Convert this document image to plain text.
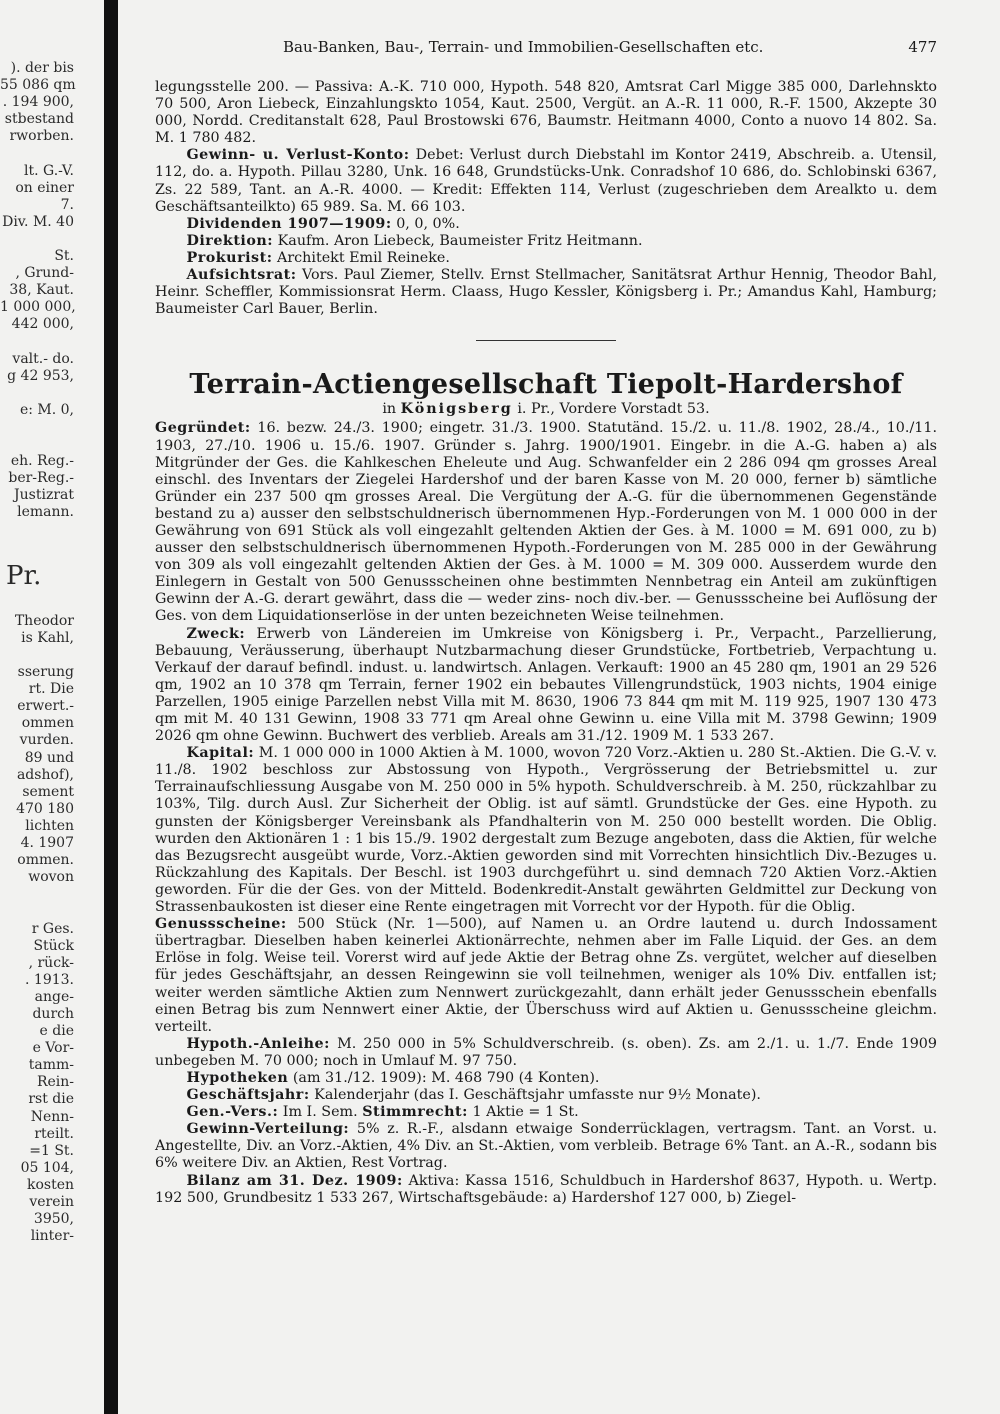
). der bis
55 086 qm
. 194 900,
stbestand
rworben.
lt. G.-V.
on einer
7.
Div. M. 40
St.
, Grund-
38, Kaut.
1 000 000,
442 000,
valt.- do.
g 42 953,
e: M. 0,
eh. Reg.-
ber-Reg.-
Justizrat
lemann.
Pr.
Theodor
is Kahl,
sserung
rt. Die
erwert.-
ommen
vurden.
89 und
adshof),
sement
470 180
lichten
4. 1907
ommen.
wovon
r Ges.
Stück
, rück-
. 1913.
ange-
durch
e die
e Vor-
tamm-
Rein-
rst die
Nenn-
rteilt.
=1 St.
05 104,
kosten
verein
3950,
linter-
Bau-Banken, Bau-, Terrain- und Immobilien-Gesellschaften etc.	477

legungsstelle 200. — Passiva: A.-K. 710 000, Hypoth. 548 820, Amtsrat Carl Migge 385 000, Darlehnskto 70 500, Aron Liebeck, Einzahlungskto 1054, Kaut. 2500, Vergüt. an A.-R. 11 000, R.-F. 1500, Akzepte 30 000, Nordd. Creditanstalt 628, Paul Brostowski 676, Baumstr. Heitmann 4000, Conto a nuovo 14 802. Sa. M. 1 780 482.

Gewinn- u. Verlust-Konto: Debet: Verlust durch Diebstahl im Kontor 2419, Abschreib. a. Utensil, 112, do. a. Hypoth. Pillau 3280, Unk. 16 648, Grundstücks-Unk. Conradshof 10 686, do. Schlobinski 6367, Zs. 22 589, Tant. an A.-R. 4000. — Kredit: Effekten 114, Verlust (zugeschrieben dem Arealkto u. dem Geschäftsanteilkto) 65 989. Sa. M. 66 103.

Dividenden 1907—1909: 0, 0, 0%.

Direktion: Kaufm. Aron Liebeck, Baumeister Fritz Heitmann.

Prokurist: Architekt Emil Reineke.

Aufsichtsrat: Vors. Paul Ziemer, Stellv. Ernst Stellmacher, Sanitätsrat Arthur Hennig, Theodor Bahl, Heinr. Scheffler, Kommissionsrat Herm. Claass, Hugo Kessler, Königsberg i. Pr.; Amandus Kahl, Hamburg; Baumeister Carl Bauer, Berlin.

Terrain-Actiengesellschaft Tiepolt-Hardershof
in Königsberg i. Pr., Vordere Vorstadt 53.

Gegründet: 16. bezw. 24./3. 1900; eingetr. 31./3. 1900. Statutänd. 15./2. u. 11./8. 1902, 28./4., 10./11. 1903, 27./10. 1906 u. 15./6. 1907. Gründer s. Jahrg. 1900/1901. Eingebr. in die A.-G. haben a) als Mitgründer der Ges. die Kahlkeschen Eheleute und Aug. Schwanfelder ein 2 286 094 qm grosses Areal einschl. des Inventars der Ziegelei Hardershof und der baren Kasse von M. 20 000, ferner b) sämtliche Gründer ein 237 500 qm grosses Areal. Die Vergütung der A.-G. für die übernommenen Gegenstände bestand zu a) ausser den selbstschuldnerisch übernommenen Hyp.-Forderungen von M. 1 000 000 in der Gewährung von 691 Stück als voll eingezahlt geltenden Aktien der Ges. à M. 1000 = M. 691 000, zu b) ausser den selbstschuldnerisch übernommenen Hypoth.-Forderungen von M. 285 000 in der Gewährung von 309 als voll eingezahlt geltenden Aktien der Ges. à M. 1000 = M. 309 000. Ausserdem wurde den Einlegern in Gestalt von 500 Genussscheinen ohne bestimmten Nennbetrag ein Anteil am zukünftigen Gewinn der A.-G. derart gewährt, dass die — weder zins- noch div.-ber. — Genussscheine bei Auflösung der Ges. von dem Liquidationserlöse in der unten bezeichneten Weise teilnehmen.

Zweck: Erwerb von Ländereien im Umkreise von Königsberg i. Pr., Verpacht., Parzellierung, Bebauung, Veräusserung, überhaupt Nutzbarmachung dieser Grundstücke, Fortbetrieb, Verpachtung u. Verkauf der darauf befindl. indust. u. landwirtsch. Anlagen. Verkauft: 1900 an 45 280 qm, 1901 an 29 526 qm, 1902 an 10 378 qm Terrain, ferner 1902 ein bebautes Villengrundstück, 1903 nichts, 1904 einige Parzellen, 1905 einige Parzellen nebst Villa mit M. 8630, 1906 73 844 qm mit M. 119 925, 1907 130 473 qm mit M. 40 131 Gewinn, 1908 33 771 qm Areal ohne Gewinn u. eine Villa mit M. 3798 Gewinn; 1909 2026 qm ohne Gewinn. Buchwert des verblieb. Areals am 31./12. 1909 M. 1 533 267.

Kapital: M. 1 000 000 in 1000 Aktien à M. 1000, wovon 720 Vorz.-Aktien u. 280 St.-Aktien. Die G.-V. v. 11./8. 1902 beschloss zur Abstossung von Hypoth., Vergrösserung der Betriebsmittel u. zur Terrainaufschliessung Ausgabe von M. 250 000 in 5% hypoth. Schuldverschreib. à M. 250, rückzahlbar zu 103%, Tilg. durch Ausl. Zur Sicherheit der Oblig. ist auf sämtl. Grundstücke der Ges. eine Hypoth. zu gunsten der Königsberger Vereinsbank als Pfandhalterin von M. 250 000 bestellt worden. Die Oblig. wurden den Aktionären 1 : 1 bis 15./9. 1902 dergestalt zum Bezuge angeboten, dass die Aktien, für welche das Bezugsrecht ausgeübt wurde, Vorz.-Aktien geworden sind mit Vorrechten hinsichtlich Div.-Bezuges u. Rückzahlung des Kapitals. Der Beschl. ist 1903 durchgeführt u. sind demnach 720 Aktien Vorz.-Aktien geworden. Für die der Ges. von der Mitteld. Bodenkredit-Anstalt gewährten Geldmittel zur Deckung von Strassenbaukosten ist dieser eine Rente eingetragen mit Vorrecht vor der Hypoth. für die Oblig.

Genussscheine: 500 Stück (Nr. 1—500), auf Namen u. an Ordre lautend u. durch Indossament übertragbar. Dieselben haben keinerlei Aktionärrechte, nehmen aber im Falle Liquid. der Ges. an dem Erlöse in folg. Weise teil. Vorerst wird auf jede Aktie der Betrag ohne Zs. vergütet, welcher auf dieselben für jedes Geschäftsjahr, an dessen Reingewinn sie voll teilnehmen, weniger als 10% Div. entfallen ist; weiter werden sämtliche Aktien zum Nennwert zurückgezahlt, dann erhält jeder Genussschein ebenfalls einen Betrag bis zum Nennwert einer Aktie, der Überschuss wird auf Aktien u. Genussscheine gleichm. verteilt.

Hypoth.-Anleihe: M. 250 000 in 5% Schuldverschreib. (s. oben). Zs. am 2./1. u. 1./7. Ende 1909 unbegeben M. 70 000; noch in Umlauf M. 97 750.

Hypotheken (am 31./12. 1909): M. 468 790 (4 Konten).

Geschäftsjahr: Kalenderjahr (das I. Geschäftsjahr umfasste nur 9½ Monate).

Gen.-Vers.: Im I. Sem. Stimmrecht: 1 Aktie = 1 St.

Gewinn-Verteilung: 5% z. R.-F., alsdann etwaige Sonderrücklagen, vertragsm. Tant. an Vorst. u. Angestellte, Div. an Vorz.-Aktien, 4% Div. an St.-Aktien, vom verbleib. Betrage 6% Tant. an A.-R., sodann bis 6% weitere Div. an Aktien, Rest Vortrag.

Bilanz am 31. Dez. 1909: Aktiva: Kassa 1516, Schuldbuch in Hardershof 8637, Hypoth. u. Wertp. 192 500, Grundbesitz 1 533 267, Wirtschaftsgebäude: a) Hardershof 127 000, b) Ziegel-
